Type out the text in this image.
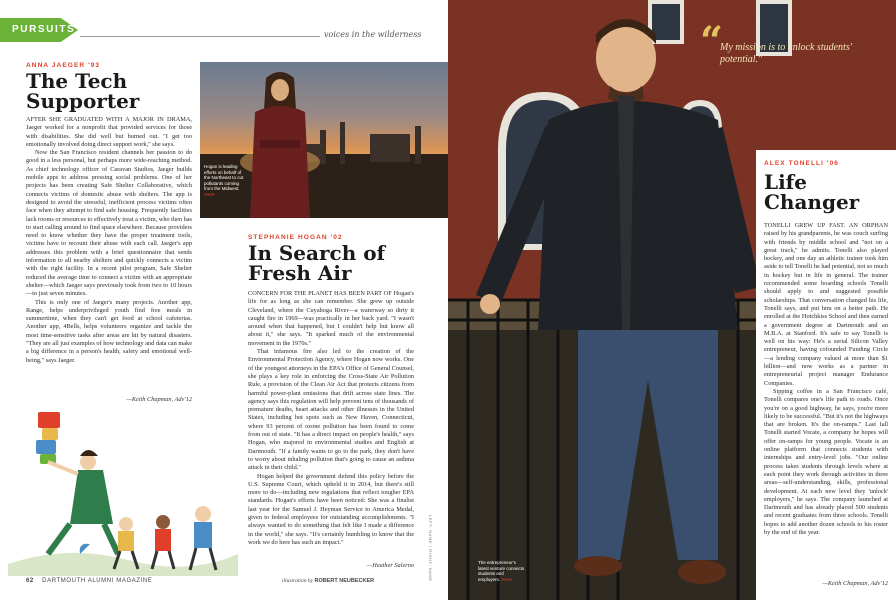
PURSUITS	voices in the wilderness
ANNA JAEGER '93
The Tech
Supporter

AFTER SHE GRADUATED WITH A MAJOR IN DRAMA, Jaeger worked for a nonprofit that provided services for those with disabilities. She did well but burned out. "I get too emotionally involved doing direct support work," she says.

Now the San Francisco resident channels her passion to do good in a less personal, but perhaps more wide-reaching method. As chief technology officer of Caravan Studios, Jaeger builds mobile apps to address pressing social problems. One of her projects has been creating Safe Shelter Collaborative, which connects victims of domestic abuse with shelters. The app is designed to avoid the stressful, inefficient process victims often face when they attempt to find safe housing. Frequently facilities lack rooms or resources to effectively treat a victim, who then has to start calling around to find space elsewhere. Because providers need to know whether they have the proper treatment tools, victims have to recount their abuse with each call. Jaeger's app addresses this problem with a brief questionnaire that sends information to all nearby shelters and quickly connects a victim with the right facility. In a recent pilot program, Safe Shelter reduced the average time to connect a victim with an appropriate shelter—which Jaeger says previously took from two to 10 hours—to just seven minutes.

This is only one of Jaeger's many projects. Another app, Range, helps underprivileged youth find free meals in summertime, when they can't get food at school cafeterias. Another app, 4Bells, helps volunteers organize and tackle the most time-sensitive tasks after areas are hit by natural disasters. "They are all just examples of how technology and data can make a big difference in a person's health, safety and emotional well-being," says Jaeger.

—Keith Chapman, Adv'12
Hogan is leading efforts on behalf of the Northeast to cut pollutants coming from the Midwest. >>>>
STEPHANIE HOGAN '02
In Search of
Fresh Air

CONCERN FOR THE PLANET HAS BEEN PART OF Hogan's life for as long as she can remember. She grew up outside Cleveland, where the Cuyahoga River—a waterway so dirty it caught fire in 1969—was practically in her back yard. "I wasn't around when that happened, but I couldn't help but know all about it," she says. "It sparked much of the environmental movement in the 1970s."

That infamous fire also led to the creation of the Environmental Protection Agency, where Hogan now works. One of the youngest attorneys in the EPA's Office of General Counsel, she plays a key role in enforcing the Cross-State Air Pollution Rule, a provision of the Clean Air Act that protects citizens from harmful power-plant emissions that drift across state lines. The agency says this regulation will help prevent tens of thousands of premature deaths, heart attacks and other illnesses in the United States, including hot spots such as New Haven, Connecticut, where 93 percent of ozone pollution has been found to come from out of state. "It has a direct impact on people's health," says Hogan, who majored in environmental studies and English at Dartmouth. "If a family wants to go to the park, they don't have to worry about inhaling pollution that's going to cause an asthma attack in their child."

Hogan helped the government defend this policy before the U.S. Supreme Court, which upheld it in 2014, but there's still more to do—including new regulations that reflect tougher EPA standards. Hogan's efforts have been noticed: She was a finalist last year for the Samuel J. Heyman Service to America Medal, given to federal employees for outstanding accomplishments. "I always wanted to do something that felt like I made a difference in the world," she says. "It's certainly humbling to know that the work we do here has such an impact."

—Heather Salerno
62 DARTMOUTH ALUMNI MAGAZINE	illustration by ROBERT NEUBECKER	LEFT: NAME / RIGHT: NAME
“
My mission is to unlock students' potential."
ALEX TONELLI '06
Life
Changer

TONELLI GREW UP FAST. AN ORPHAN raised by his grandparents, he was couch surfing with friends by middle school and "not on a great track," he admits. Tonelli also played hockey, and one day an athletic trainer took him aside to tell Tonelli he had potential, not so much in hockey but in life in general. The trainer recommended some boarding schools Tonelli should apply to and suggested possible scholarships. That conversation changed his life, Tonelli says, and put him on a better path. He enrolled at the Hotchkiss School and then earned a government degree at Dartmouth and an M.B.A. at Stanford. It's safe to say Tonelli is well on his way: He's a serial Silicon Valley entrepreneur, having cofounded Funding Circle—a lending company valued at more than $1 billion—and now works as a partner in entrepreneurial project manager Endurance Companies.

Sipping coffee in a San Francisco café, Tonelli compares one's life path to roads. Once you're on a good highway, he says, you're more likely to be successful. "But it's not the highways that are broken. It's the on-ramps." Last fall Tonelli started Vocate, a company he hopes will offer on-ramps for young people. Vocate is an online platform that connects students with internships and entry-level jobs. "Our online process takes students through levels where at each point they work through activities in three areas—self-understanding, skills, professional development. At each new level they 'unlock' employers," he says. The company launched at Dartmouth and has already placed 500 students and recent graduates from three schools. Tonelli hopes to add another dozen schools to his roster by the end of the year.

—Keith Chapman, Adv'12
The entrepreneur's latest venture connects students and employers. >>>>
